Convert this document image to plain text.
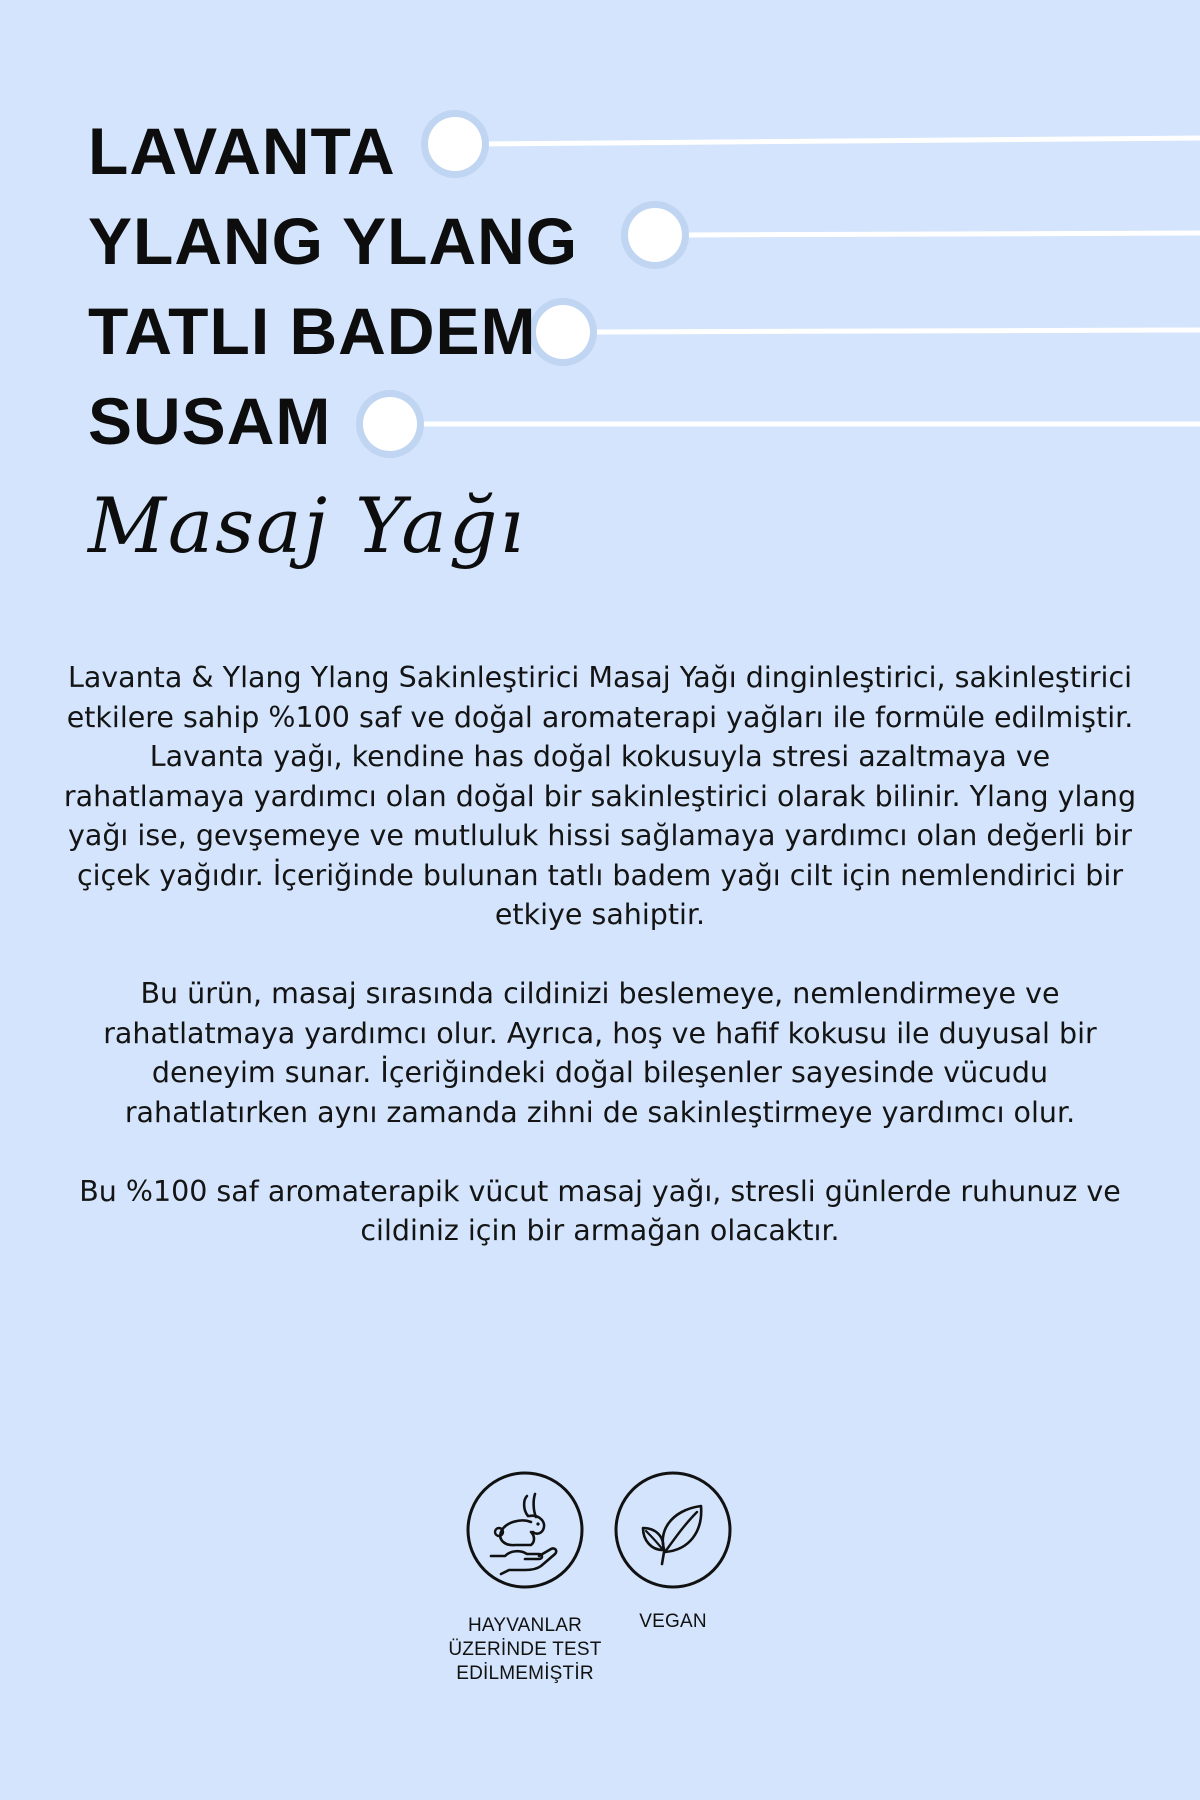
LAVANTA
YLANG YLANG
TATLI BADEM
SUSAM
Masaj Yağı

Lavanta & Ylang Ylang Sakinleştirici Masaj Yağı dinginleştirici, sakinleştirici etkilere sahip %100 saf ve doğal aromaterapi yağları ile formüle edilmiştir.

Lavanta yağı, kendine has doğal kokusuyla stresi azaltmaya ve rahatlamaya yardımcı olan doğal bir sakinleştirici olarak bilinir. Ylang ylang yağı ise, gevşemeye ve mutluluk hissi sağlamaya yardımcı olan değerli bir çiçek yağıdır. İçeriğinde bulunan tatlı badem yağı cilt için nemlendirici bir etkiye sahiptir.

Bu ürün, masaj sırasında cildinizi beslemeye, nemlendirmeye ve rahatlatmaya yardımcı olur. Ayrıca, hoş ve hafif kokusu ile duyusal bir deneyim sunar. İçeriğindeki doğal bileşenler sayesinde vücudu rahatlatırken aynı zamanda zihni de sakinleştirmeye yardımcı olur.

Bu %100 saf aromaterapik vücut masaj yağı, stresli günlerde ruhunuz ve cildiniz için bir armağan olacaktır.

HAYVANLAR
ÜZERİNDE TEST
EDİLMEMİŞTİR
VEGAN
